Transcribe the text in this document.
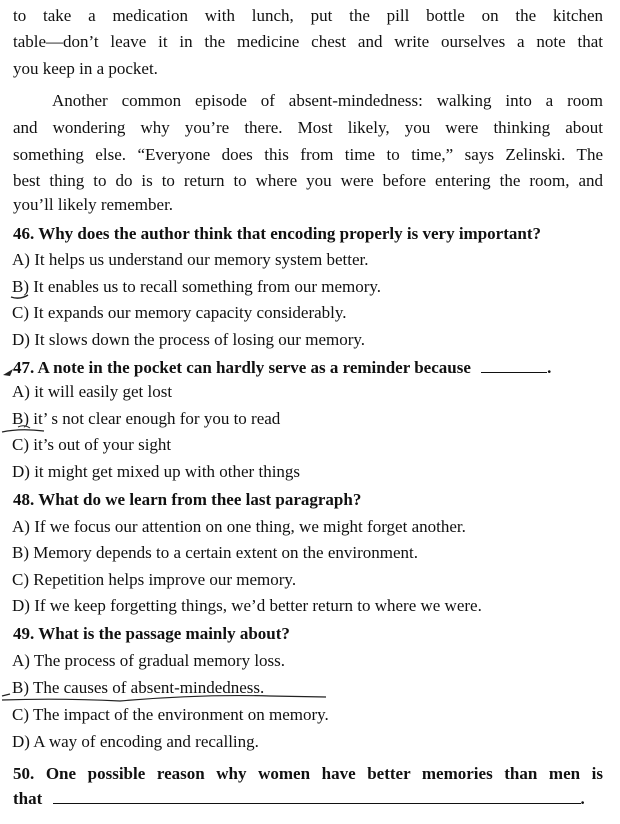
to take a medication with lunch, put the pill bottle on the kitchen
table—don’t leave it in the medicine chest and write ourselves a note that
you keep in a pocket.
Another common episode of absent-mindedness: walking into a room
and wondering why you’re there. Most likely, you were thinking about
something else. “Everyone does this from time to time,” says Zelinski. The
best thing to do is to return to where you were before entering the room, and
you’ll likely remember.
46. Why does the author think that encoding properly is very important?
A) It helps us understand our memory system better.
B) It enables us to recall something from our memory.
C) It expands our memory capacity considerably.
D) It slows down the process of losing our memory.
47. A note in the pocket can hardly serve as a reminder because	.
A) it will easily get lost
B) it’ s not clear enough for you to read
C) it’s out of your sight
D) it might get mixed up with other things
48. What do we learn from thee last paragraph?
A) If we focus our attention on one thing, we might forget another.
B) Memory depends to a certain extent on the environment.
C) Repetition helps improve our memory.
D) If we keep forgetting things, we’d better return to where we were.
49. What is the passage mainly about?
A) The process of gradual memory loss.
B) The causes of absent-mindedness.
C) The impact of the environment on memory.
D) A way of encoding and recalling.
50. One possible reason why women have better memories than men is
that	.
